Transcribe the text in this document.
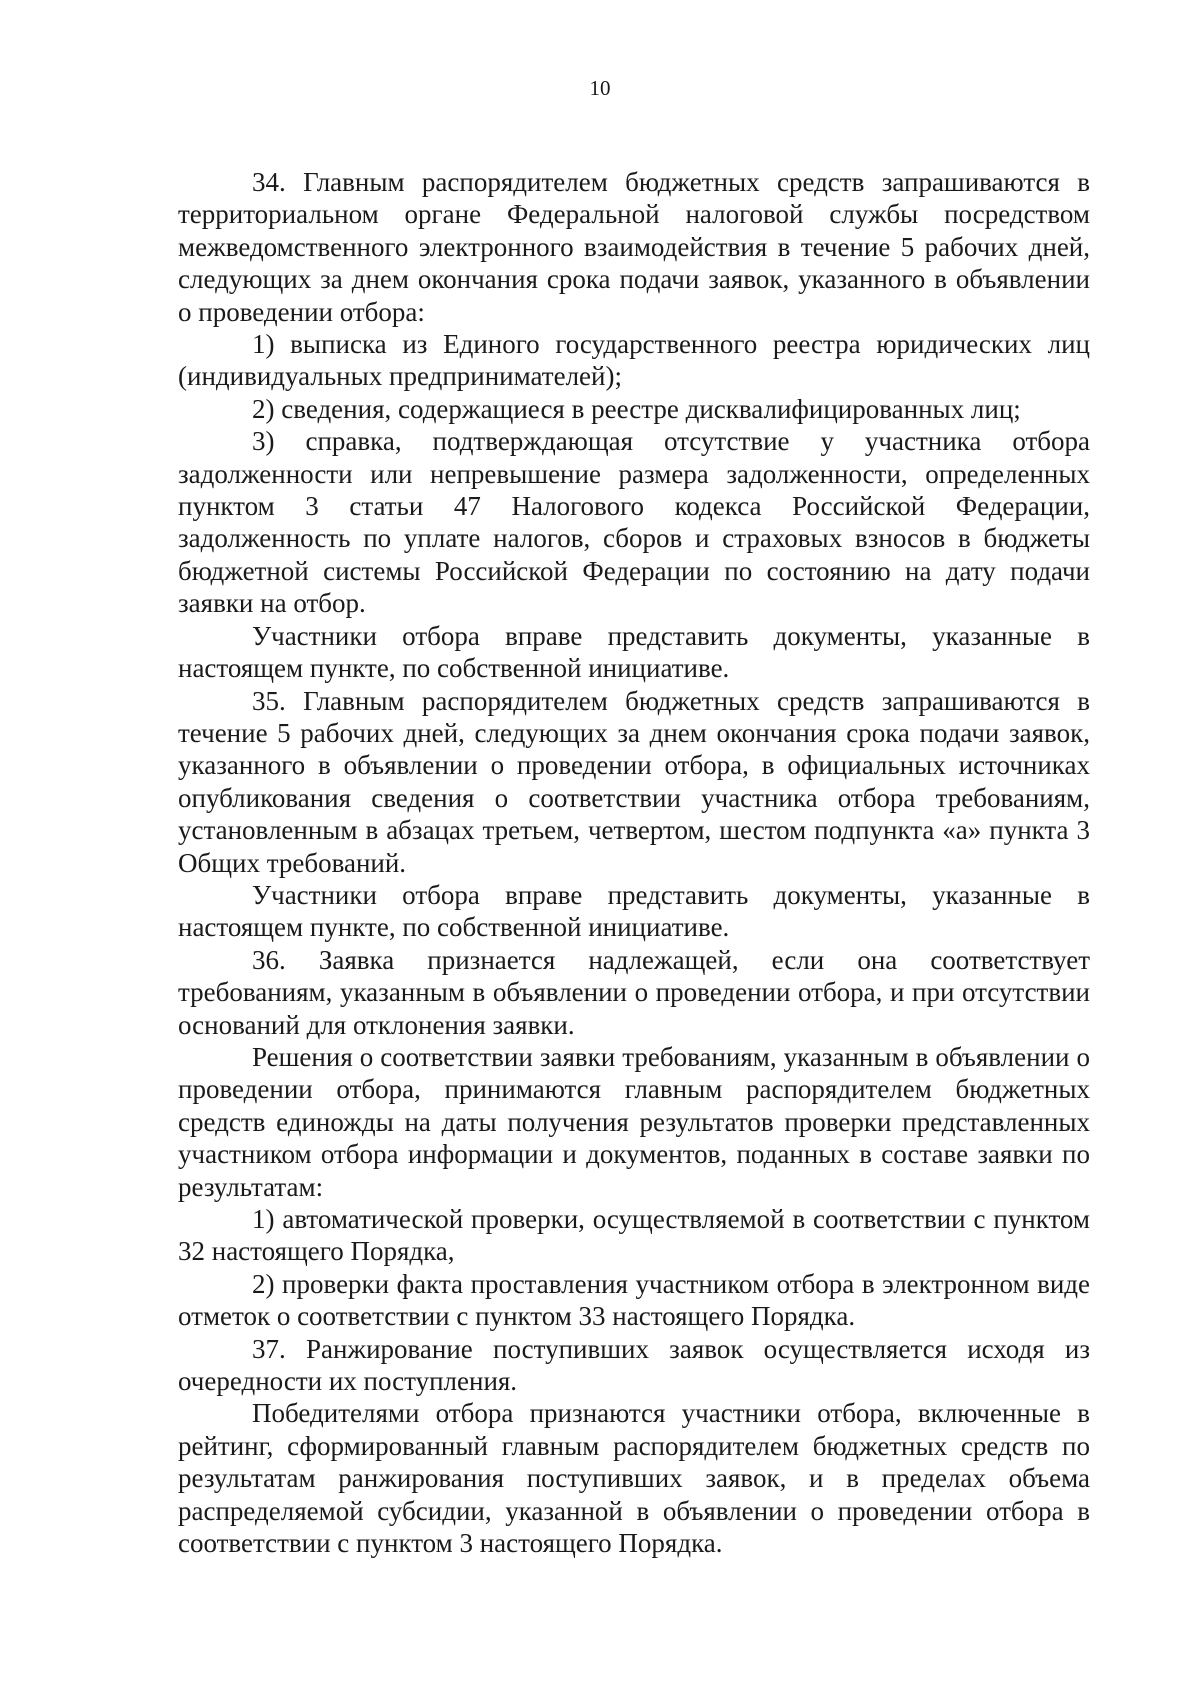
10

34. Главным распорядителем бюджетных средств запрашиваются в территориальном органе Федеральной налоговой службы посредством межведомственного электронного взаимодействия в течение 5 рабочих дней, следующих за днем окончания срока подачи заявок, указанного в объявлении о проведении отбора:

1) выписка из Единого государственного реестра юридических лиц (индивидуальных предпринимателей);

2) сведения, содержащиеся в реестре дисквалифицированных лиц;

3) справка, подтверждающая отсутствие у участника отбора задолженности или непревышение размера задолженности, определенных пунктом 3 статьи 47 Налогового кодекса Российской Федерации, задолженность по уплате налогов, сборов и страховых взносов в бюджеты бюджетной системы Российской Федерации по состоянию на дату подачи заявки на отбор.

Участники отбора вправе представить документы, указанные в настоящем пункте, по собственной инициативе.

35. Главным распорядителем бюджетных средств запрашиваются в течение 5 рабочих дней, следующих за днем окончания срока подачи заявок, указанного в объявлении о проведении отбора, в официальных источниках опубликования сведения о соответствии участника отбора требованиям, установленным в абзацах третьем, четвертом, шестом подпункта «а» пункта 3 Общих требований.

Участники отбора вправе представить документы, указанные в настоящем пункте, по собственной инициативе.

36. Заявка признается надлежащей, если она соответствует требованиям, указанным в объявлении о проведении отбора, и при отсутствии оснований для отклонения заявки.

Решения о соответствии заявки требованиям, указанным в объявлении о проведении отбора, принимаются главным распорядителем бюджетных средств единожды на даты получения результатов проверки представленных участником отбора информации и документов, поданных в составе заявки по результатам:

1) автоматической проверки, осуществляемой в соответствии с пунктом 32 настоящего Порядка,

2) проверки факта проставления участником отбора в электронном виде отметок о соответствии с пунктом 33 настоящего Порядка.

37. Ранжирование поступивших заявок осуществляется исходя из очередности их поступления.

Победителями отбора признаются участники отбора, включенные в рейтинг, сформированный главным распорядителем бюджетных средств по результатам ранжирования поступивших заявок, и в пределах объема распределяемой субсидии, указанной в объявлении о проведении отбора в соответствии с пунктом 3 настоящего Порядка.
